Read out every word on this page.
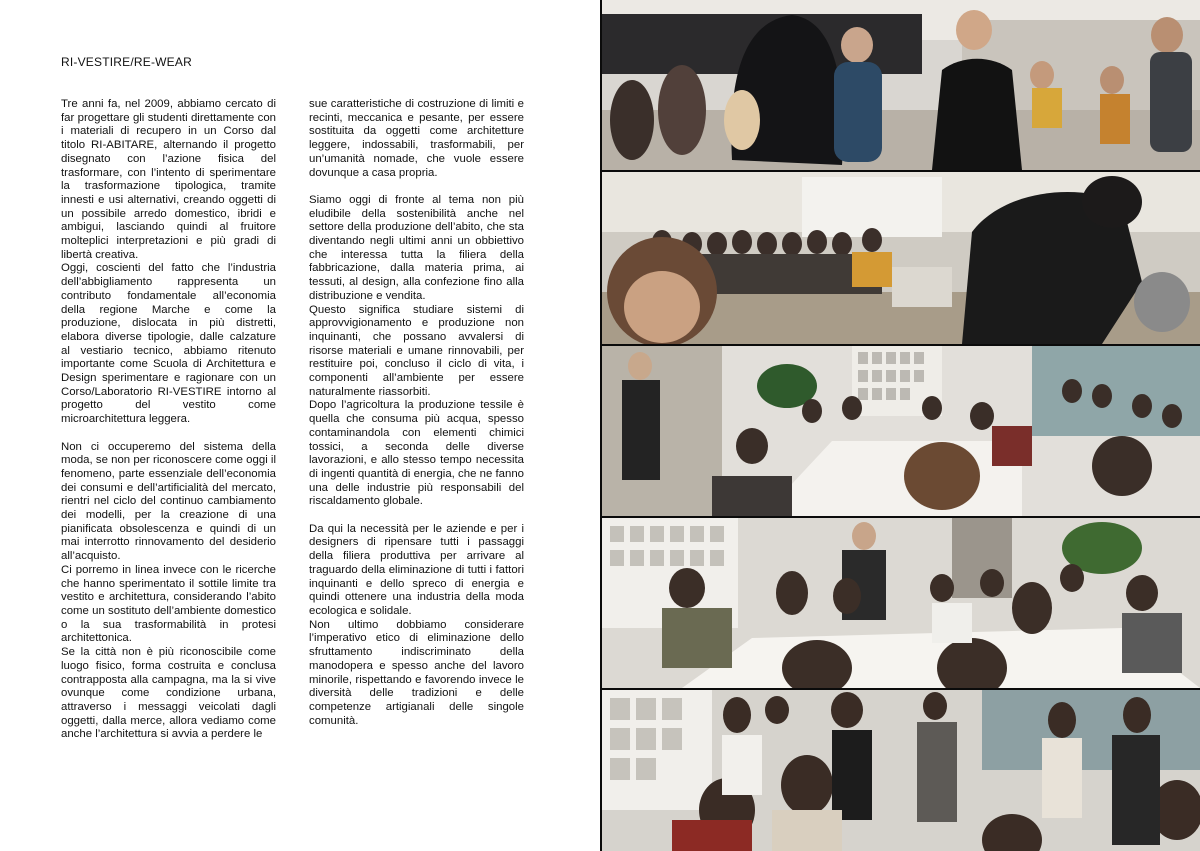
RI-VESTIRE/RE-WEAR

Tre anni fa, nel 2009, abbiamo cercato di far progettare gli studenti direttamente con i materiali di recupero in un Corso dal titolo RI-ABITARE, alternando il progetto disegnato con l’azione fisica del trasformare, con l’intento di sperimentare la trasformazione tipologica, tramite innesti e usi alternativi, creando oggetti di un possibile arredo domestico, ibridi e ambigui, lasciando quindi al fruitore molteplici interpretazioni e più gradi di libertà creativa.

Oggi, coscienti del fatto che l’industria dell’abbigliamento rappresenta un contributo fondamentale all’economia della regione Marche e come la produzione, dislocata in più distretti, elabora diverse tipologie, dalle calzature al vestiario tecnico, abbiamo ritenuto importante come Scuola di Architettura e Design sperimentare e ragionare con un Corso/Laboratorio RI-VESTIRE intorno al progetto del vestito come microarchitettura leggera.

Non ci occuperemo del sistema della moda, se non per riconoscere come oggi il fenomeno, parte essenziale dell’economia dei consumi e dell’artificialità del mercato, rientri nel ciclo del continuo cambiamento dei modelli, per la creazione di una pianificata obsolescenza e quindi di un mai interrotto rinnovamento del desiderio all’acquisto.

Ci porremo in linea invece con le ricerche che hanno sperimentato il sottile limite tra vestito e architettura, considerando l’abito come un sostituto dell’ambiente domestico o la sua trasformabilità in protesi architettonica.

Se la città non è più riconoscibile come luogo fisico, forma costruita e conclusa contrapposta alla campagna, ma la si vive ovunque come condizione urbana, attraverso i messaggi veicolati dagli oggetti, dalla merce, allora vediamo come anche l’architettura si avvia a perdere le

sue caratteristiche di costruzione di limiti e recinti, meccanica e pesante, per essere sostituita da oggetti come architetture leggere, indossabili, trasformabili, per un’umanità nomade, che vuole essere dovunque a casa propria.

Siamo oggi di fronte al tema non più eludibile della sostenibilità anche nel settore della produzione dell’abito, che sta diventando negli ultimi anni un obbiettivo che interessa tutta la filiera della fabbricazione, dalla materia prima, ai tessuti, al design, alla confezione fino alla distribuzione e vendita.

Questo significa studiare sistemi di approvvigionamento e produzione non inquinanti, che possano avvalersi di risorse materiali e umane rinnovabili, per restituire poi, concluso il ciclo di vita, i componenti all’ambiente per essere naturalmente riassorbiti.

Dopo l’agricoltura la produzione tessile è quella che consuma più acqua, spesso contaminandola con elementi chimici tossici, a seconda delle diverse lavorazioni, e allo stesso tempo necessita di ingenti quantità di energia, che ne fanno una delle industrie più responsabili del riscaldamento globale.

Da qui la necessità per le aziende e per i designers di ripensare tutti i passaggi della filiera produttiva per arrivare al traguardo della eliminazione di tutti i fattori inquinanti e dello spreco di energia e quindi ottenere una industria della moda ecologica e solidale.

Non ultimo dobbiamo considerare l’imperativo etico di eliminazione dello sfruttamento indiscriminato della manodopera e spesso anche del lavoro minorile, rispettando e favorendo invece le diversità delle tradizioni e delle competenze artigianali delle singole comunità.
